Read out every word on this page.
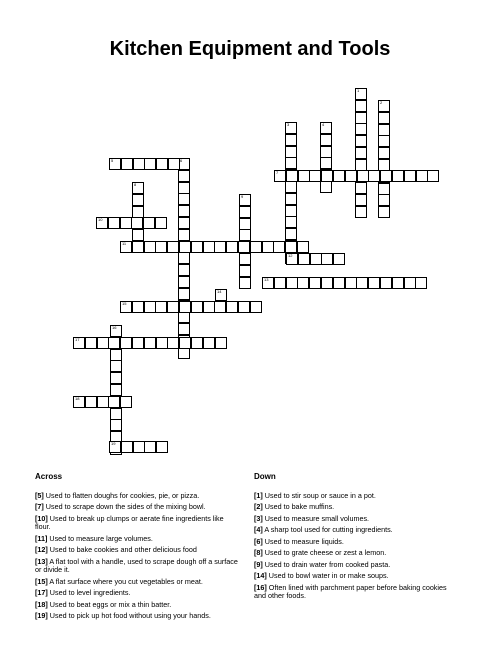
Kitchen Equipment and Tools
1
2
3	4
6
8
9
14
16
5
7
10
11
12
13
15
17
18
19
Across
[5] Used to flatten doughs for cookies, pie, or pizza.
[7] Used to scrape down the sides of the mixing bowl.
[10] Used to break up clumps or aerate fine ingredients like flour.
[11] Used to measure large volumes.
[12] Used to bake cookies and other delicious food
[13] A flat tool with a handle, used to scrape dough off a surface or divide it.
[15] A flat surface where you cut vegetables or meat.
[17] Used to level ingredients.
[18] Used to beat eggs or mix a thin batter.
[19] Used to pick up hot food without using your hands.
Down
[1] Used to stir soup or sauce in a pot.
[2] Used to bake muffins.
[3] Used to measure small volumes.
[4] A sharp tool used for cutting ingredients.
[6] Used to measure liquids.
[8] Used to grate cheese or zest a lemon.
[9] Used to drain water from cooked pasta.
[14] Used to bowl water in or make soups.
[16] Often lined with parchment paper before baking cookies and other foods.
